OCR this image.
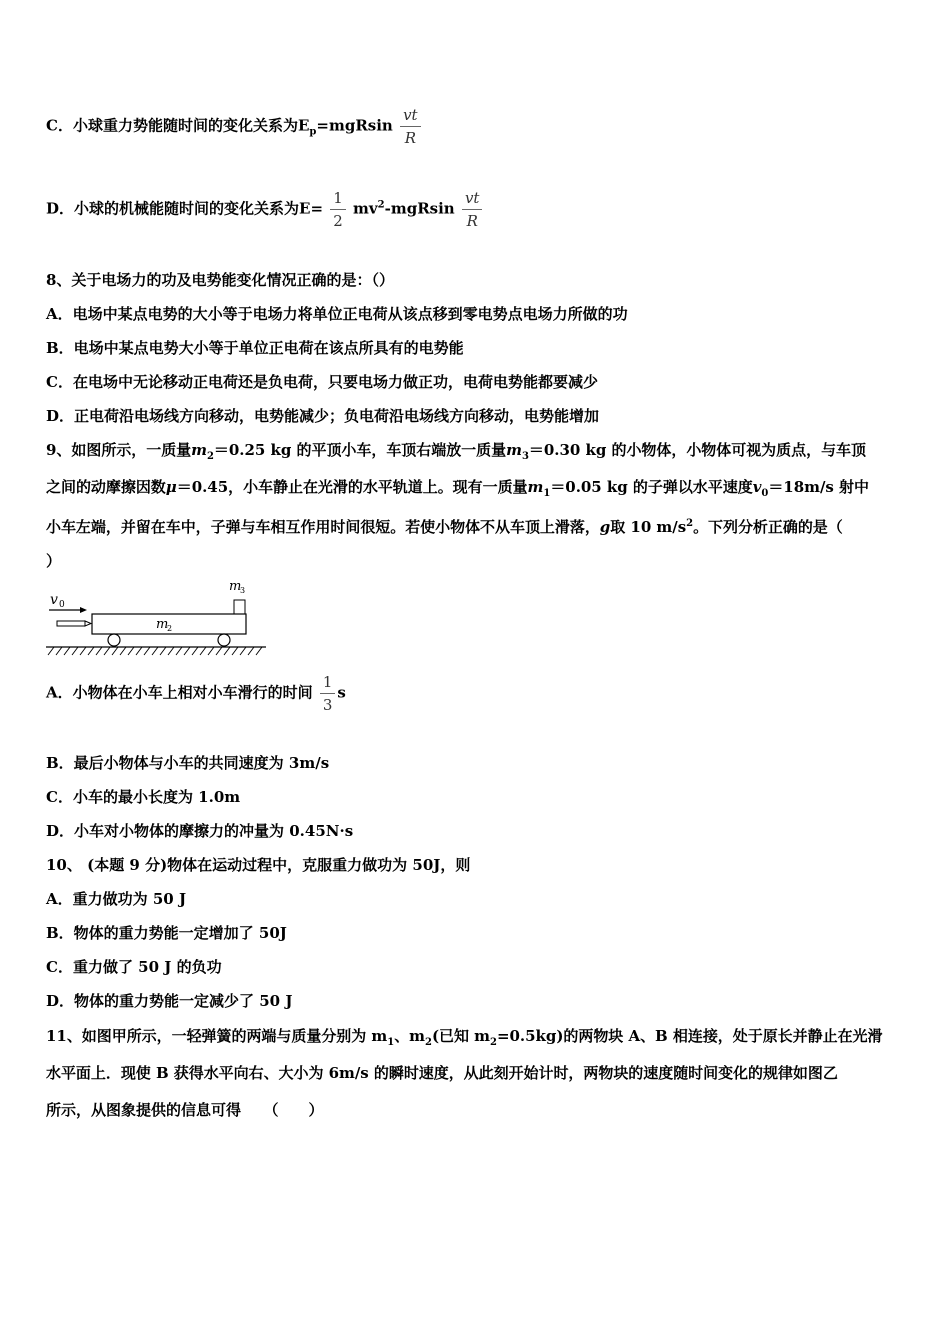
C．小球重力势能随时间的变化关系为$E_p=mgRsin \frac{vt}{R}$
D．小球的机械能随时间的变化关系为$E= \frac{1}{2} mv^2-mgRsin \frac{vt}{R}$
8、关于电场力的功及电势能变化情况正确的是：（）
A．电场中某点电势的大小等于电场力将单位正电荷从该点移到零电势点电场力所做的功
B．电场中某点电势大小等于单位正电荷在该点所具有的电势能
C．在电场中无论移动正电荷还是负电荷，只要电场力做正功，电荷电势能都要减少
D．正电荷沿电场线方向移动，电势能减少；负电荷沿电场线方向移动，电势能增加
9、如图所示，一质量$m_2=0.25$ kg 的平顶小车，车顶右端放一质量$m_3=0.30$ kg 的小物体，小物体可视为质点，与车顶
之间的动摩擦因数μ＝0.45，小车静止在光滑的水平轨道上。现有一质量$m_1=0.05$ kg 的子弹以水平速度$v_0=18m/s$ 射中
小车左端，并留在车中，子弹与车相互作用时间很短。若使小物体不从车顶上滑落，g取 10 $m/s^2$。下列分析正确的是（
）
v 0
m
2
m
3
A．小物体在小车上相对小车滑行的时间 $\frac{1}{3}$ s
B．最后小物体与小车的共同速度为 3m/s
C．小车的最小长度为 1.0m
D．小车对小物体的摩擦力的冲量为 0.45N·s
10、 (本题 9 分)物体在运动过程中，克服重力做功为 50J，则
A．重力做功为 50 J
B．物体的重力势能一定增加了 50J
C．重力做了 50 J 的负功
D．物体的重力势能一定减少了 50 J
11、如图甲所示，一轻弹簧的两端与质量分别为 $m_1$、$m_2$(已知 $m_2=0.5kg$)的两物块 A、B 相连接，处于原长并静止在光滑
水平面上．现使 B 获得水平向右、大小为 6m/s 的瞬时速度，从此刻开始计时，两物块的速度随时间变化的规律如图乙
所示，从图象提供的信息可得　　（　　）
